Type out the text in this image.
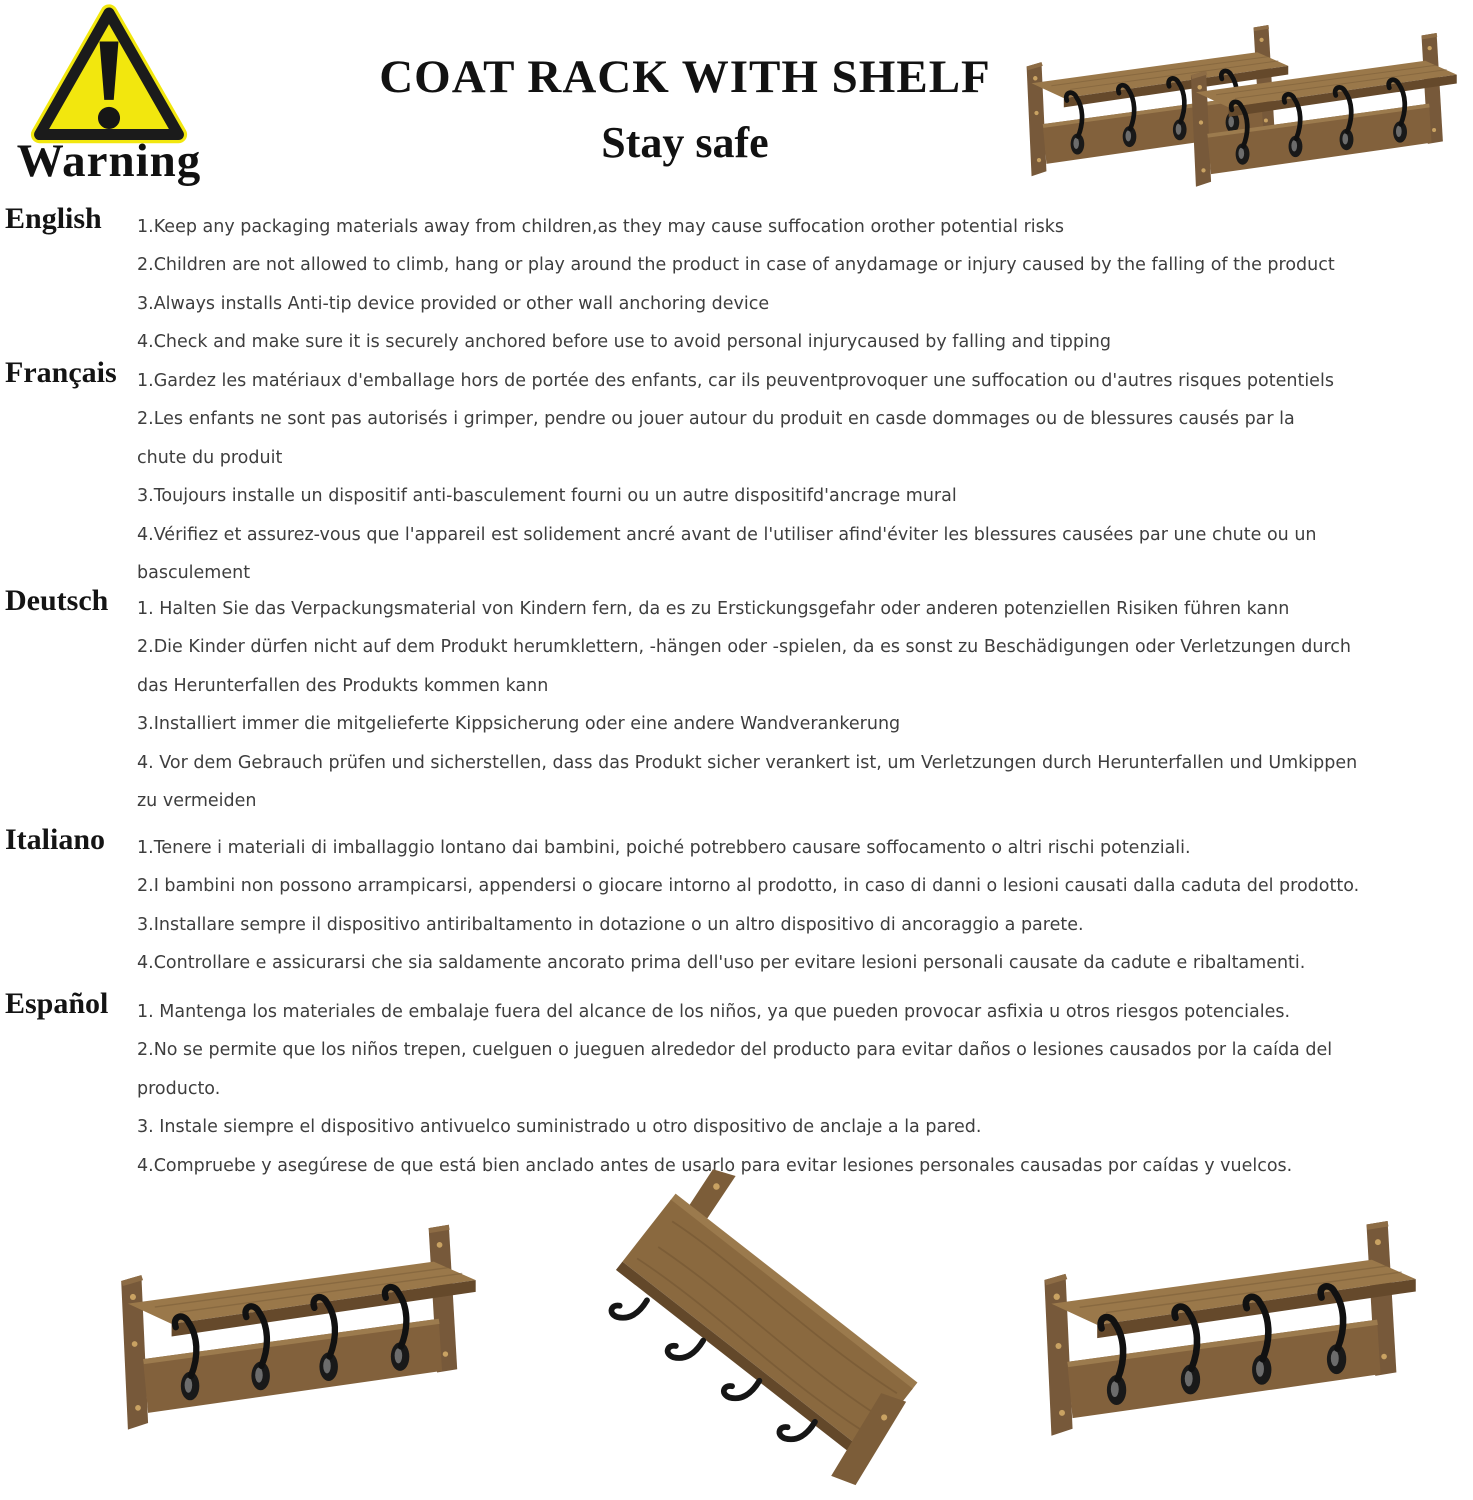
Warning
COAT RACK WITH SHELF
Stay safe
English 1.Keep any packaging materials away from children,as they may cause suffocation orother potential risks
2.Children are not allowed to climb, hang or play around the product in case of anydamage or injury caused by the falling of the product
3.Always installs Anti-tip device provided or other wall anchoring device
4.Check and make sure it is securely anchored before use to avoid personal injurycaused by falling and tipping
Français 1.Gardez les matériaux d'emballage hors de portée des enfants, car ils peuventprovoquer une suffocation ou d'autres risques potentiels
2.Les enfants ne sont pas autorisés i grimper, pendre ou jouer autour du produit en casde dommages ou de blessures causés par la
chute du produit
3.Toujours installe un dispositif anti-basculement fourni ou un autre dispositifd'ancrage mural
4.Vérifiez et assurez-vous que l'appareil est solidement ancré avant de l'utiliser afind'éviter les blessures causées par une chute ou un
basculement
Deutsch 1. Halten Sie das Verpackungsmaterial von Kindern fern, da es zu Erstickungsgefahr oder anderen potenziellen Risiken führen kann
2.Die Kinder dürfen nicht auf dem Produkt herumklettern, -hängen oder -spielen, da es sonst zu Beschädigungen oder Verletzungen durch
das Herunterfallen des Produkts kommen kann
3.Installiert immer die mitgelieferte Kippsicherung oder eine andere Wandverankerung
4. Vor dem Gebrauch prüfen und sicherstellen, dass das Produkt sicher verankert ist, um Verletzungen durch Herunterfallen und Umkippen
zu vermeiden
Italiano 1.Tenere i materiali di imballaggio lontano dai bambini, poiché potrebbero causare soffocamento o altri rischi potenziali.
2.I bambini non possono arrampicarsi, appendersi o giocare intorno al prodotto, in caso di danni o lesioni causati dalla caduta del prodotto.
3.Installare sempre il dispositivo antiribaltamento in dotazione o un altro dispositivo di ancoraggio a parete.
4.Controllare e assicurarsi che sia saldamente ancorato prima dell'uso per evitare lesioni personali causate da cadute e ribaltamenti.
Español 1. Mantenga los materiales de embalaje fuera del alcance de los niños, ya que pueden provocar asfixia u otros riesgos potenciales.
2.No se permite que los niños trepen, cuelguen o jueguen alrededor del producto para evitar daños o lesiones causados por la caída del
producto.
3. Instale siempre el dispositivo antivuelco suministrado u otro dispositivo de anclaje a la pared.
4.Compruebe y asegúrese de que está bien anclado antes de usarlo para evitar lesiones personales causadas por caídas y vuelcos.
